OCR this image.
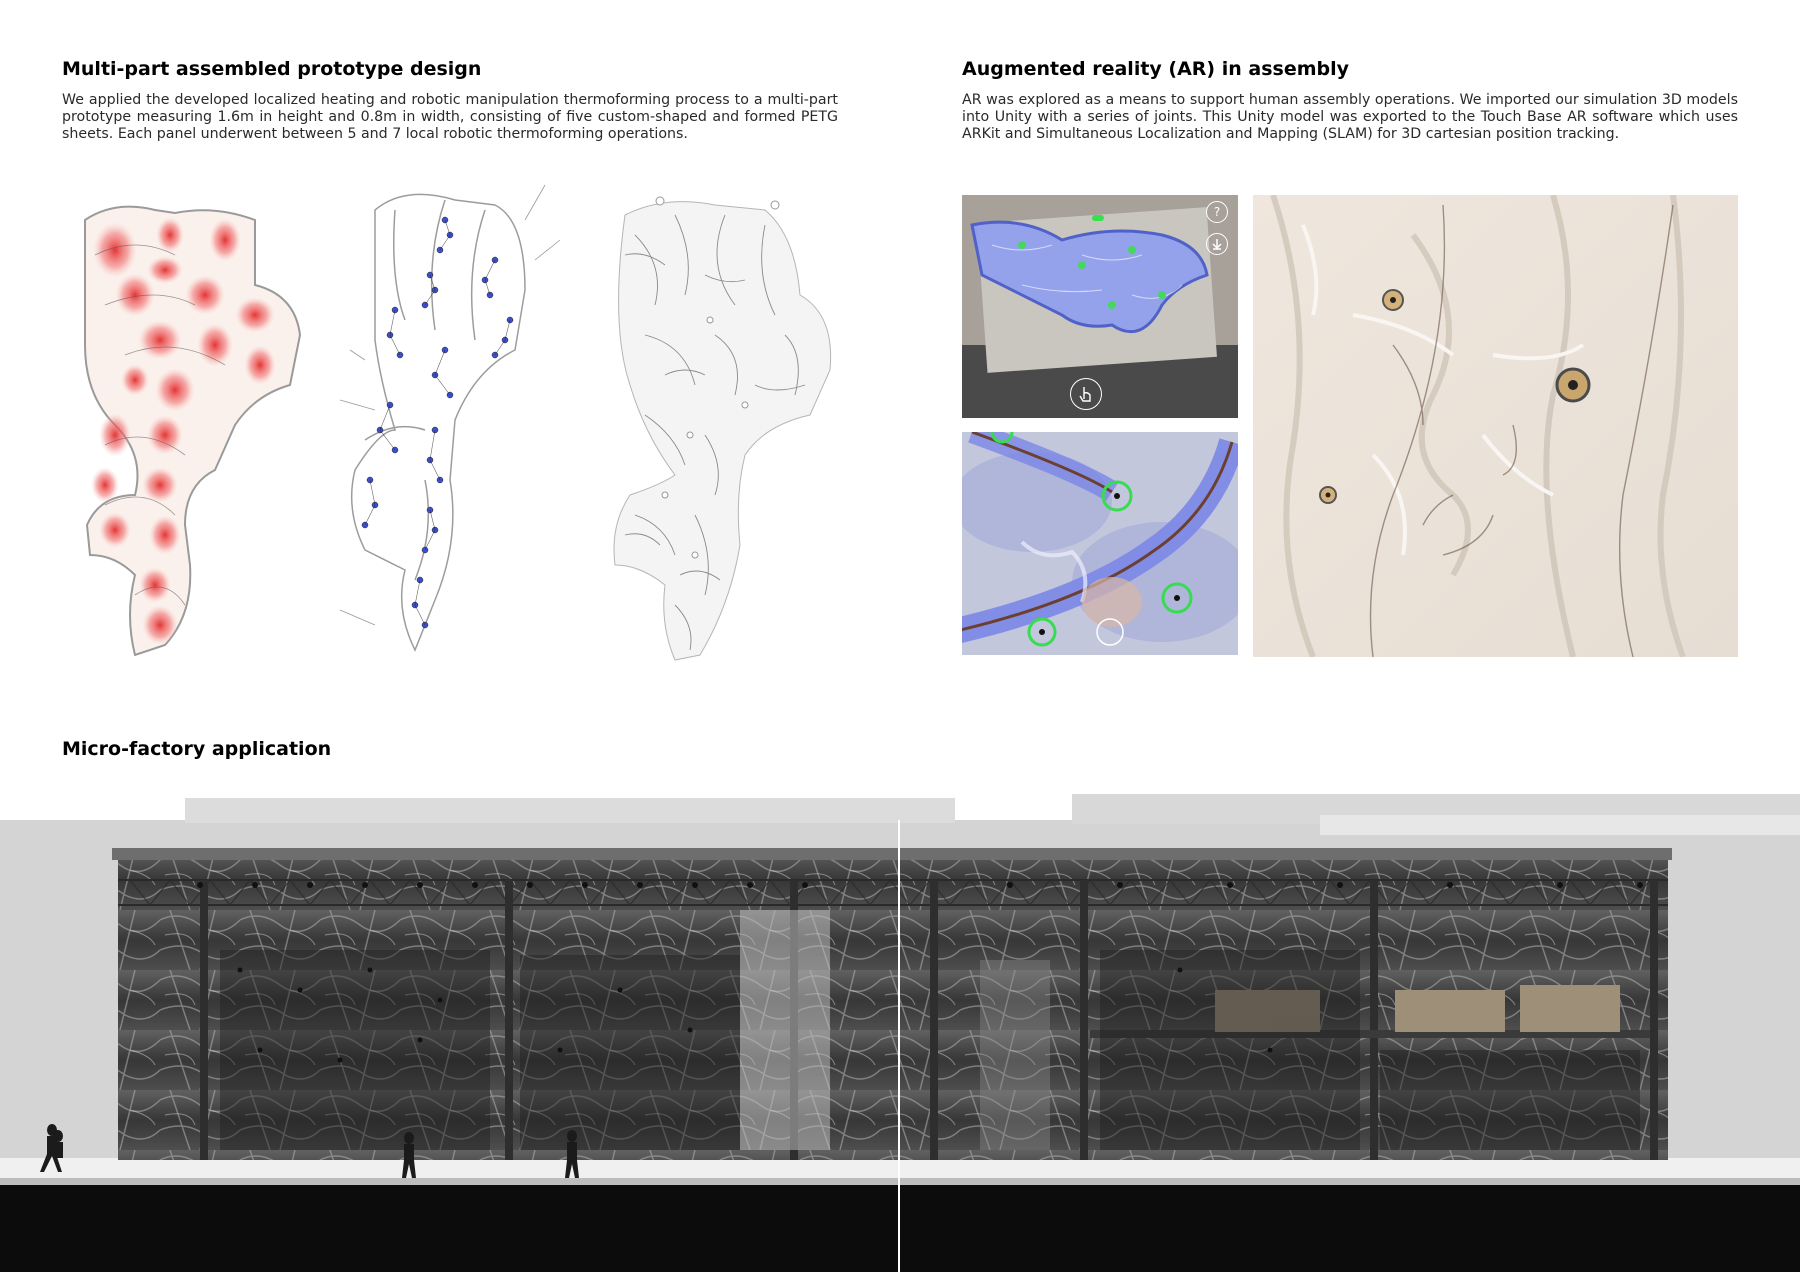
Multi-part assembled prototype design

We applied the developed localized heating and robotic manipulation thermoforming process to a multi-part prototype measuring 1.6m in height and 0.8m in width, consisting of five custom-shaped and formed PETG sheets. Each panel underwent between 5 and 7 local robotic thermoforming operations.

Augmented reality (AR) in assembly

AR was explored as a means to support human assembly operations. We imported our simulation 3D models into Unity with a series of joints. This Unity model was exported to the Touch Base AR software which uses ARKit and Simultaneous Localization and Mapping (SLAM) for 3D cartesian position tracking.

?
Micro-factory application
